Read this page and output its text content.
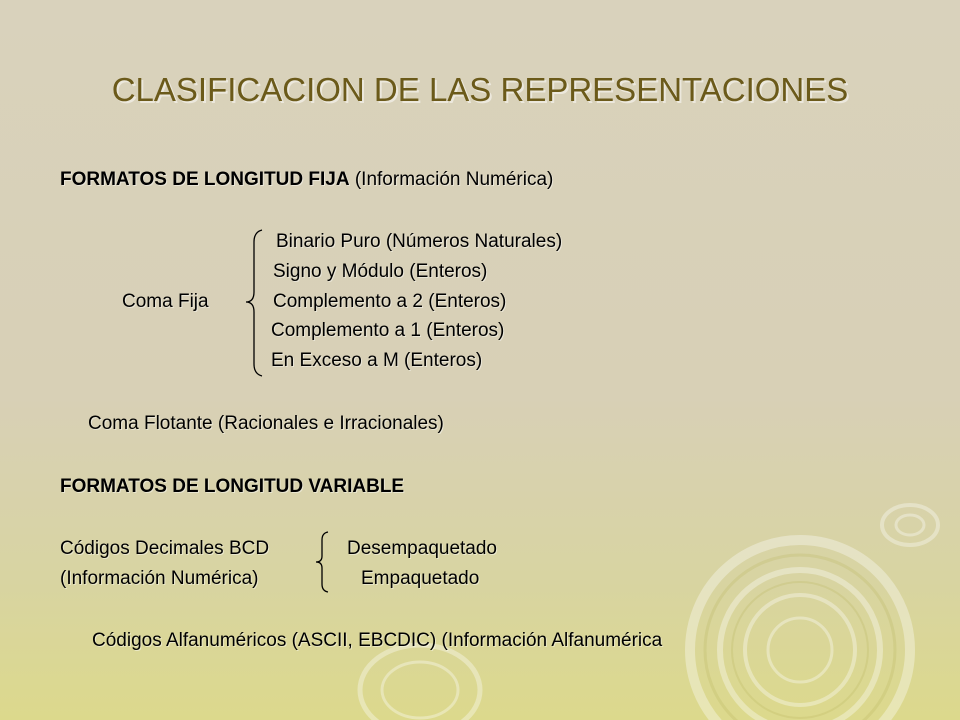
CLASIFICACION DE LAS REPRESENTACIONES

FORMATOS DE LONGITUD FIJA (Información Numérica)

Coma Fija

Binario Puro (Números Naturales)

Signo y Módulo (Enteros)

Complemento a 2 (Enteros)

Complemento a 1 (Enteros)

En Exceso a M (Enteros)

Coma Flotante (Racionales e Irracionales)

FORMATOS DE LONGITUD VARIABLE

Códigos Decimales BCD

(Información Numérica)

Desempaquetado

Empaquetado

Códigos Alfanuméricos (ASCII, EBCDIC) (Información Alfanumérica
